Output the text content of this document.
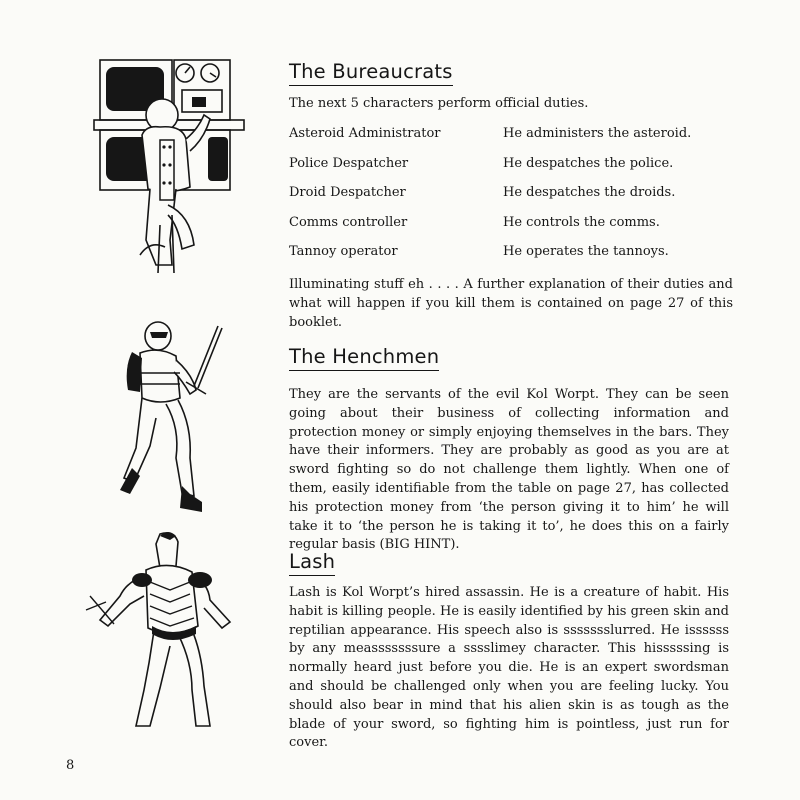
The Bureaucrats

The next 5 characters perform official duties.

Asteroid Administrator	He administers the asteroid.
Police Despatcher	He despatches the police.
Droid Despatcher	He despatches the droids.
Comms controller	He controls the comms.
Tannoy operator	He operates the tannoys.

Illuminating stuff eh . . . . A further explanation of their duties and what will happen if you kill them is contained on page 27 of this booklet.

The Henchmen

They are the servants of the evil Kol Worpt. They can be seen going about their business of collecting information and protection money or simply enjoying themselves in the bars. They have their informers. They are probably as good as you are at sword fighting so do not challenge them lightly. When one of them, easily identifiable from the table on page 27, has collected his protection money from ‘the person giving it to him’ he will take it to ‘the person he is taking it to’, he does this on a fairly regular basis (BIG HINT).

Lash

Lash is Kol Worpt’s hired assassin. He is a creature of habit. His habit is killing people. He is easily identified by his green skin and reptilian appearance. His speech also is ssssssslurred. He issssss by any measssssssure a sssslimey character. This hisssssing is normally heard just before you die. He is an expert swordsman and should be challenged only when you are feeling lucky. You should also bear in mind that his alien skin is as tough as the blade of your sword, so fighting him is pointless, just run for cover.

8
